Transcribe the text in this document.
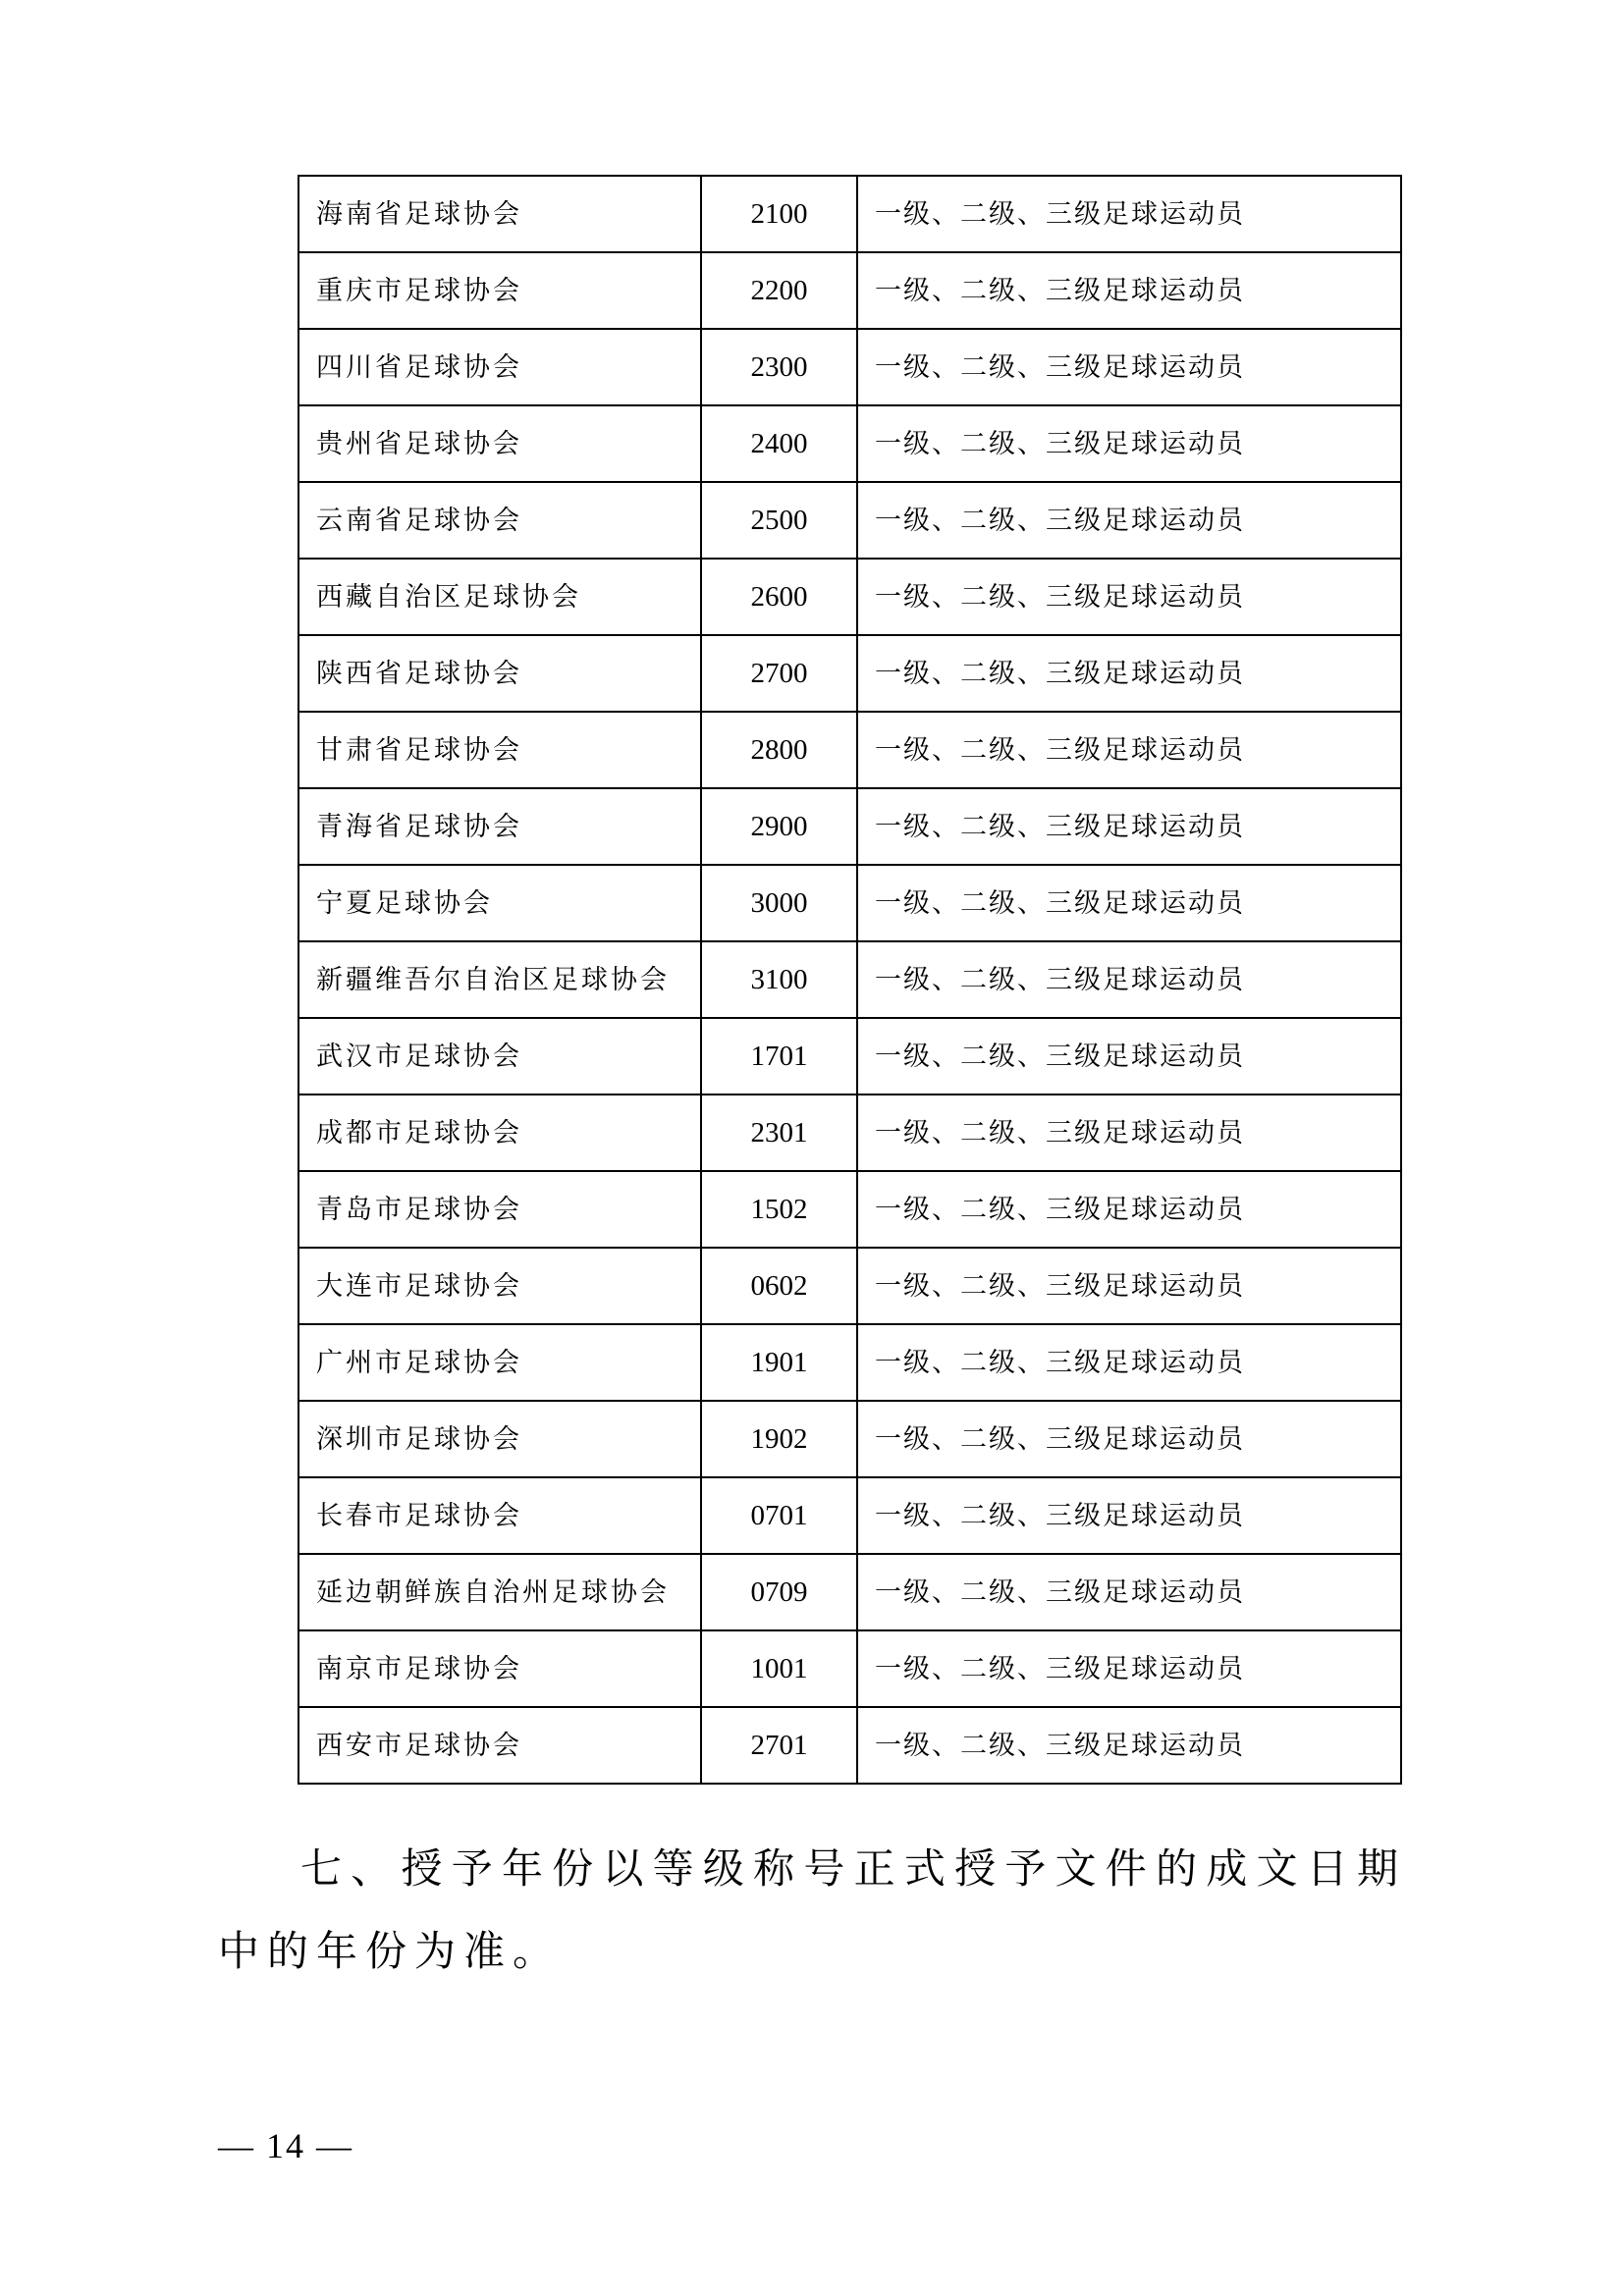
海南省足球协会	2100	一级、二级、三级足球运动员
重庆市足球协会	2200	一级、二级、三级足球运动员
四川省足球协会	2300	一级、二级、三级足球运动员
贵州省足球协会	2400	一级、二级、三级足球运动员
云南省足球协会	2500	一级、二级、三级足球运动员
西藏自治区足球协会	2600	一级、二级、三级足球运动员
陕西省足球协会	2700	一级、二级、三级足球运动员
甘肃省足球协会	2800	一级、二级、三级足球运动员
青海省足球协会	2900	一级、二级、三级足球运动员
宁夏足球协会	3000	一级、二级、三级足球运动员
新疆维吾尔自治区足球协会	3100	一级、二级、三级足球运动员
武汉市足球协会	1701	一级、二级、三级足球运动员
成都市足球协会	2301	一级、二级、三级足球运动员
青岛市足球协会	1502	一级、二级、三级足球运动员
大连市足球协会	0602	一级、二级、三级足球运动员
广州市足球协会	1901	一级、二级、三级足球运动员
深圳市足球协会	1902	一级、二级、三级足球运动员
长春市足球协会	0701	一级、二级、三级足球运动员
延边朝鲜族自治州足球协会	0709	一级、二级、三级足球运动员
南京市足球协会	1001	一级、二级、三级足球运动员
西安市足球协会	2701	一级、二级、三级足球运动员

七、授予年份以等级称号正式授予文件的成文日期中的年份为准。

— 14 —
